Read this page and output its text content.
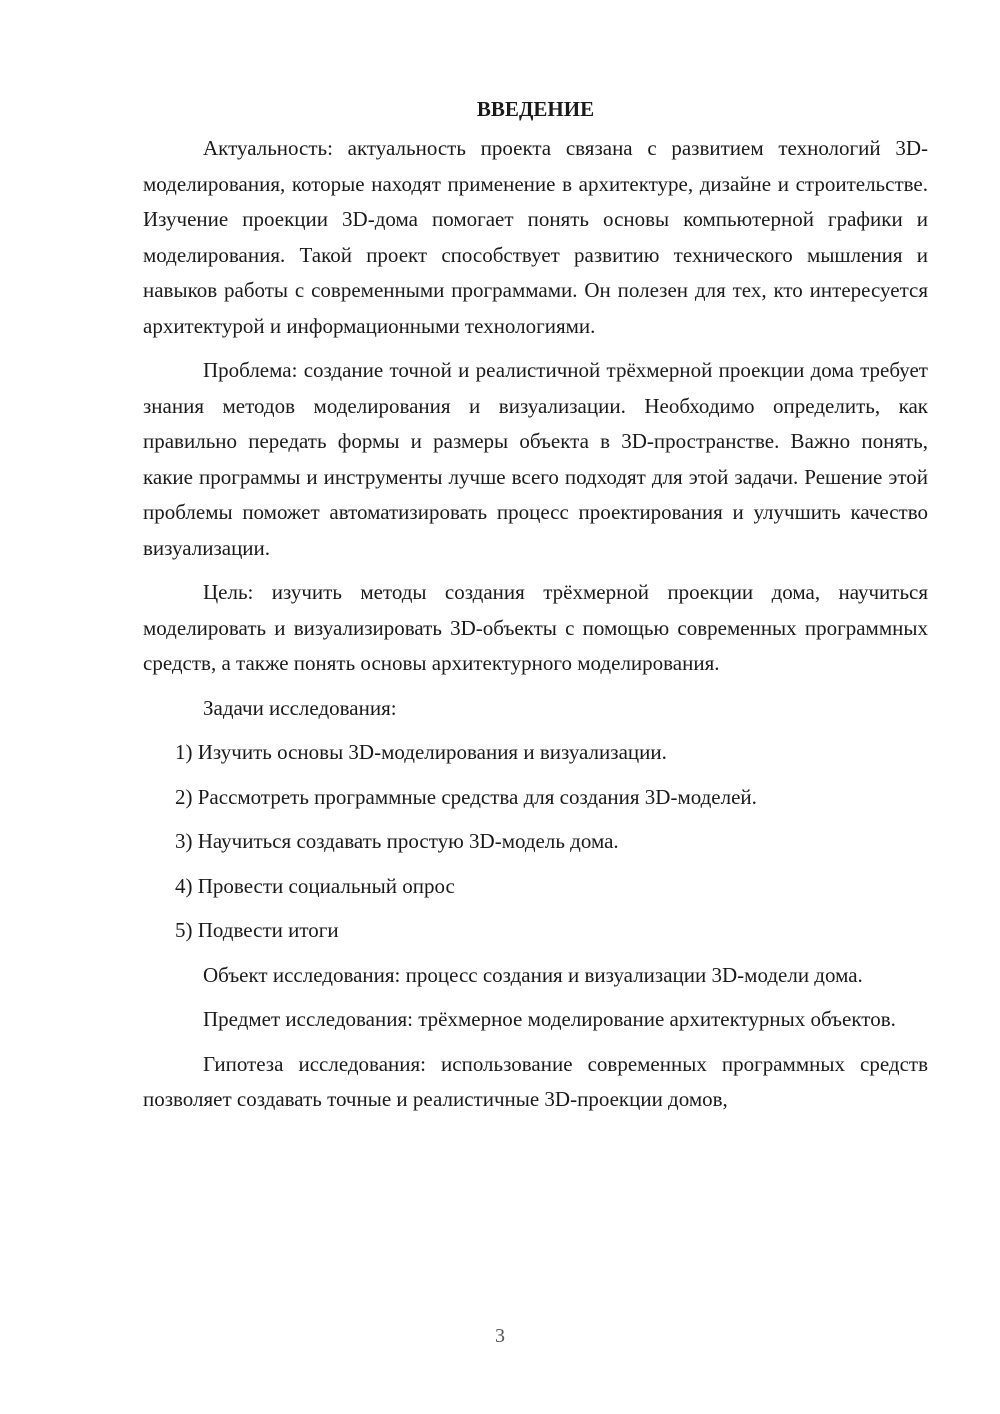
ВВЕДЕНИЕ

Актуальность: актуальность проекта связана с развитием технологий 3D-моделирования, которые находят применение в архитектуре, дизайне и строительстве. Изучение проекции 3D-дома помогает понять основы компьютерной графики и моделирования. Такой проект способствует развитию технического мышления и навыков работы с современными программами. Он полезен для тех, кто интересуется архитектурой и информационными технологиями.

Проблема: создание точной и реалистичной трёхмерной проекции дома требует знания методов моделирования и визуализации. Необходимо определить, как правильно передать формы и размеры объекта в 3D-пространстве. Важно понять, какие программы и инструменты лучше всего подходят для этой задачи. Решение этой проблемы поможет автоматизировать процесс проектирования и улучшить качество визуализации.

Цель: изучить методы создания трёхмерной проекции дома, научиться моделировать и визуализировать 3D-объекты с помощью современных программных средств, а также понять основы архитектурного моделирования.

Задачи исследования:

1) Изучить основы 3D-моделирования и визуализации.

2) Рассмотреть программные средства для создания 3D-моделей.

3) Научиться создавать простую 3D-модель дома.

4) Провести социальный опрос

5) Подвести итоги

Объект исследования: процесс создания и визуализации 3D-модели дома.

Предмет исследования: трёхмерное моделирование архитектурных объектов.

Гипотеза исследования: использование современных программных средств позволяет создавать точные и реалистичные 3D-проекции домов,

3
